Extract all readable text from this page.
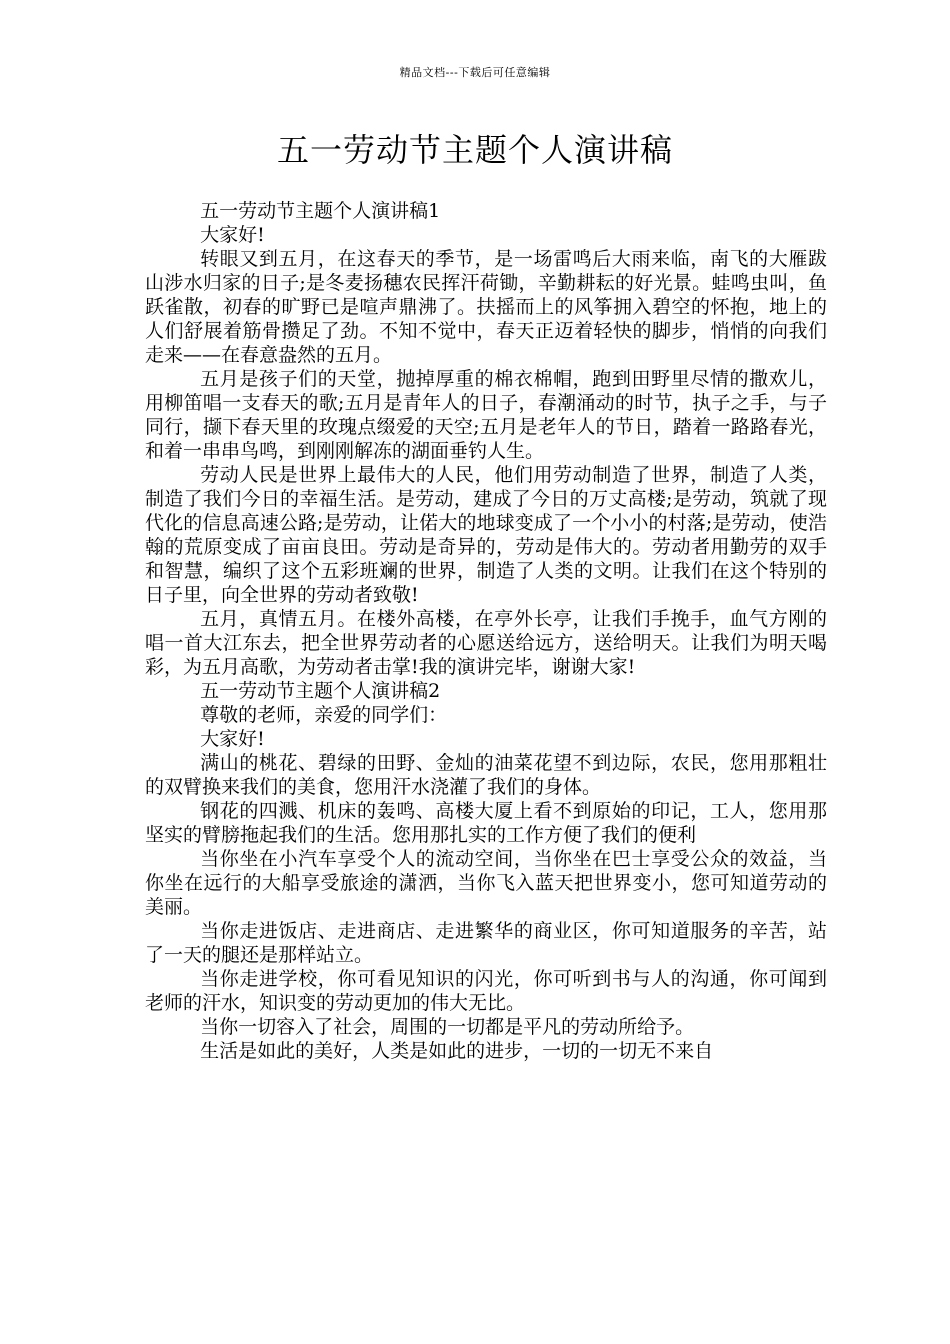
精品文档---下载后可任意编辑
五一劳动节主题个人演讲稿

五一劳动节主题个人演讲稿1

大家好!

转眼又到五月，在这春天的季节，是一场雷鸣后大雨来临，南飞的大雁跋山涉水归家的日子;是冬麦扬穗农民挥汗荷锄，辛勤耕耘的好光景。蛙鸣虫叫，鱼跃雀散，初春的旷野已是喧声鼎沸了。扶摇而上的风筝拥入碧空的怀抱，地上的人们舒展着筋骨攒足了劲。不知不觉中，春天正迈着轻快的脚步，悄悄的向我们走来——在春意盎然的五月。

五月是孩子们的天堂，抛掉厚重的棉衣棉帽，跑到田野里尽情的撒欢儿，用柳笛唱一支春天的歌;五月是青年人的日子，春潮涌动的时节，执子之手，与子同行，撷下春天里的玫瑰点缀爱的天空;五月是老年人的节日，踏着一路路春光，和着一串串鸟鸣，到刚刚解冻的湖面垂钓人生。

劳动人民是世界上最伟大的人民，他们用劳动制造了世界，制造了人类，制造了我们今日的幸福生活。是劳动，建成了今日的万丈高楼;是劳动，筑就了现代化的信息高速公路;是劳动，让偌大的地球变成了一个小小的村落;是劳动，使浩翰的荒原变成了亩亩良田。劳动是奇异的，劳动是伟大的。劳动者用勤劳的双手和智慧，编织了这个五彩班斓的世界，制造了人类的文明。让我们在这个特别的日子里，向全世界的劳动者致敬!

五月，真情五月。在楼外高楼，在亭外长亭，让我们手挽手，血气方刚的唱一首大江东去，把全世界劳动者的心愿送给远方，送给明天。让我们为明天喝彩，为五月高歌，为劳动者击掌!我的演讲完毕，谢谢大家!

五一劳动节主题个人演讲稿2

尊敬的老师，亲爱的同学们：

大家好!

满山的桃花、碧绿的田野、金灿的油菜花望不到边际，农民，您用那粗壮的双臂换来我们的美食，您用汗水浇灌了我们的身体。

钢花的四溅、机床的轰鸣、高楼大厦上看不到原始的印记，工人，您用那坚实的臂膀拖起我们的生活。您用那扎实的工作方便了我们的便利

当你坐在小汽车享受个人的流动空间，当你坐在巴士享受公众的效益，当你坐在远行的大船享受旅途的潇洒，当你飞入蓝天把世界变小，您可知道劳动的美丽。

当你走进饭店、走进商店、走进繁华的商业区，你可知道服务的辛苦，站了一天的腿还是那样站立。

当你走进学校，你可看见知识的闪光，你可听到书与人的沟通，你可闻到老师的汗水，知识变的劳动更加的伟大无比。

当你一切容入了社会，周围的一切都是平凡的劳动所给予。

生活是如此的美好，人类是如此的进步，一切的一切无不来自
